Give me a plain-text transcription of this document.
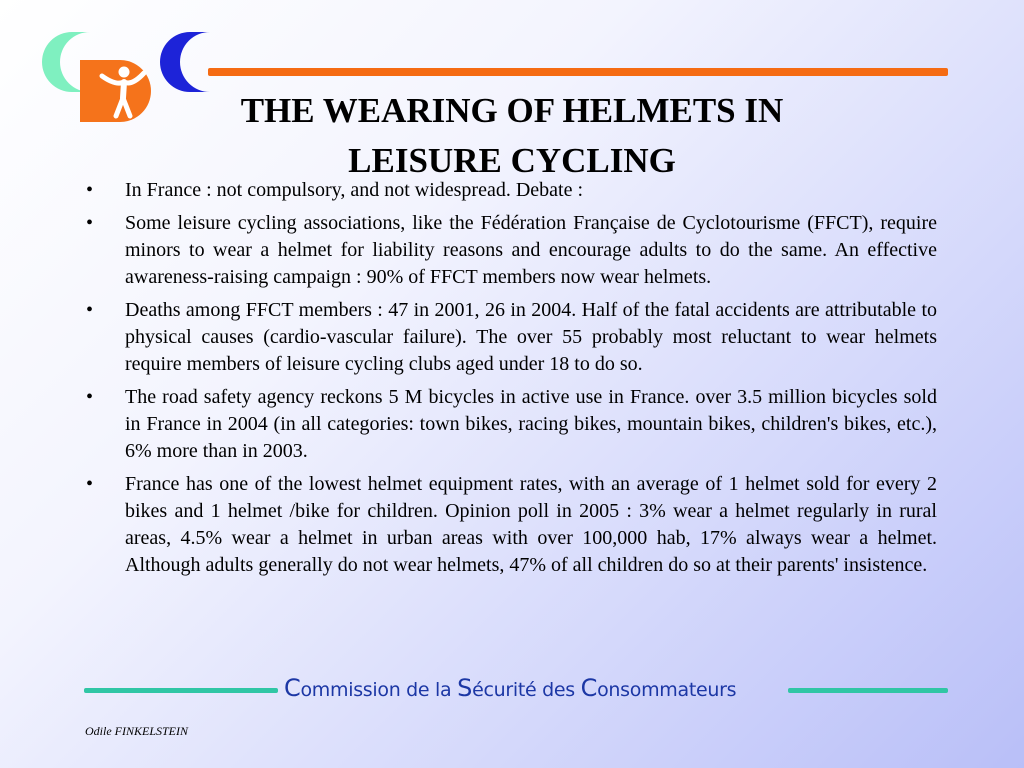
THE WEARING OF HELMETS IN
LEISURE CYCLING
•	In France : not compulsory, and not widespread. Debate :
•	Some leisure cycling associations, like the Fédération Française de Cyclotourisme (FFCT), require minors to wear a helmet for liability reasons and encourage adults to do the same. An effective awareness-raising campaign : 90% of FFCT members now wear helmets.
•	Deaths among FFCT members : 47 in 2001, 26 in 2004. Half of the fatal accidents are attributable to physical causes (cardio-vascular failure). The over 55 probably most reluctant to wear helmets require members of leisure cycling clubs aged under 18 to do so.
•	The road safety agency reckons 5 M bicycles in active use in France. over 3.5 million bicycles sold in France in 2004 (in all categories: town bikes, racing bikes, mountain bikes, children's bikes, etc.), 6% more than in 2003.
•	France has one of the lowest helmet equipment rates, with an average of 1 helmet sold for every 2 bikes and 1 helmet /bike for children. Opinion poll in 2005 : 3% wear a helmet regularly in rural areas, 4.5% wear a helmet in urban areas with over 100,000 hab, 17% always wear a helmet. Although adults generally do not wear helmets, 47% of all children do so at their parents' insistence.
Commission de la Sécurité des Consommateurs
Odile FINKELSTEIN
